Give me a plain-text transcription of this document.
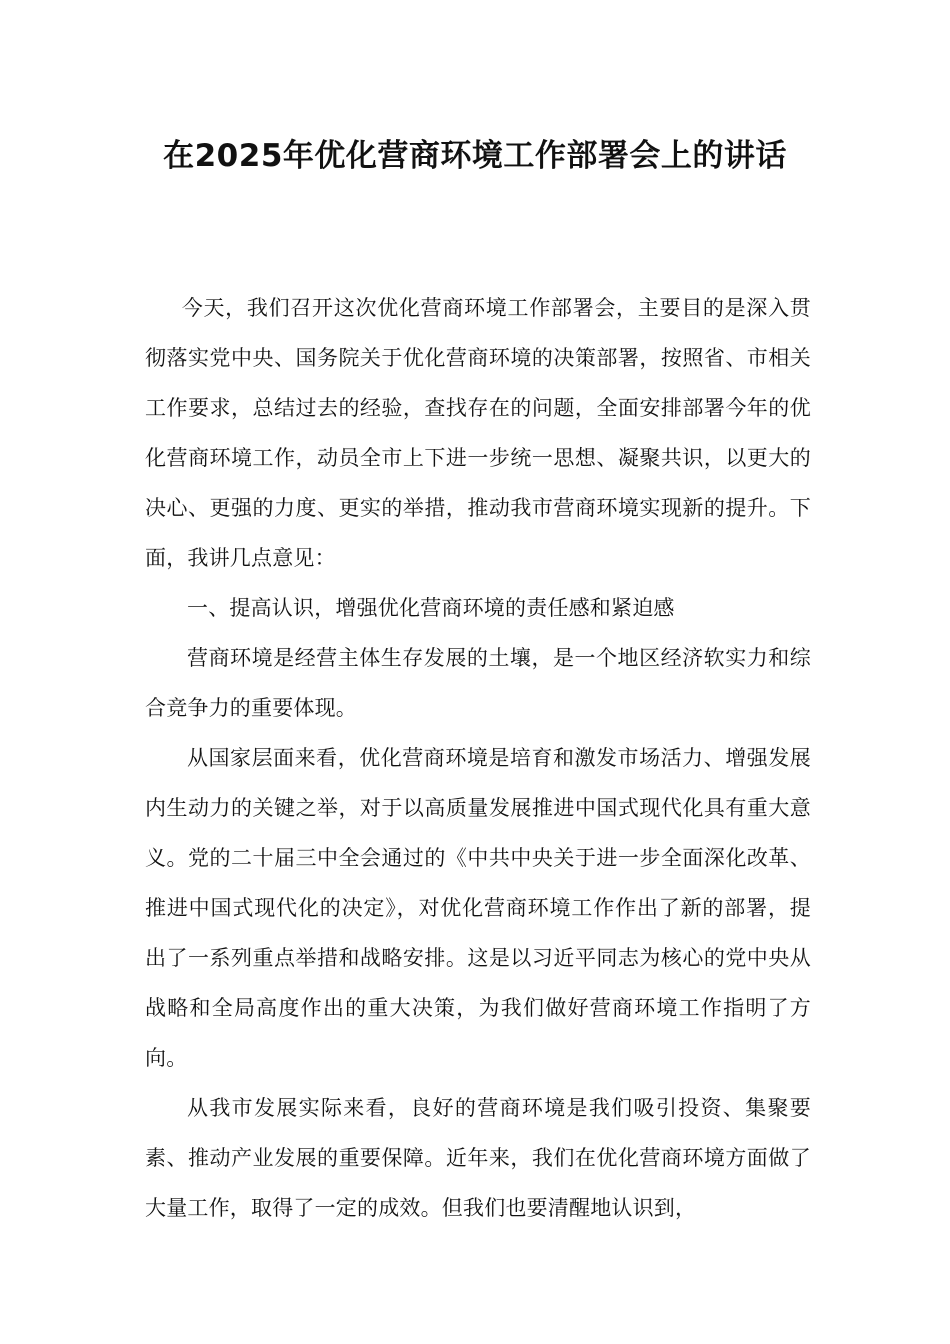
在2025年优化营商环境工作部署会上的讲话

今天，我们召开这次优化营商环境工作部署会，主要目的是深入贯彻落实党中央、国务院关于优化营商环境的决策部署，按照省、市相关工作要求，总结过去的经验，查找存在的问题，全面安排部署今年的优化营商环境工作，动员全市上下进一步统一思想、凝聚共识，以更大的决心、更强的力度、更实的举措，推动我市营商环境实现新的提升。下面，我讲几点意见：

一、提高认识，增强优化营商环境的责任感和紧迫感

营商环境是经营主体生存发展的土壤，是一个地区经济软实力和综合竞争力的重要体现。

从国家层面来看，优化营商环境是培育和激发市场活力、增强发展内生动力的关键之举，对于以高质量发展推进中国式现代化具有重大意义。党的二十届三中全会通过的《中共中央关于进一步全面深化改革、推进中国式现代化的决定》，对优化营商环境工作作出了新的部署，提出了一系列重点举措和战略安排。这是以习近平同志为核心的党中央从战略和全局高度作出的重大决策，为我们做好营商环境工作指明了方向。

从我市发展实际来看，良好的营商环境是我们吸引投资、集聚要素、推动产业发展的重要保障。近年来，我们在优化营商环境方面做了大量工作，取得了一定的成效。但我们也要清醒地认识到，
